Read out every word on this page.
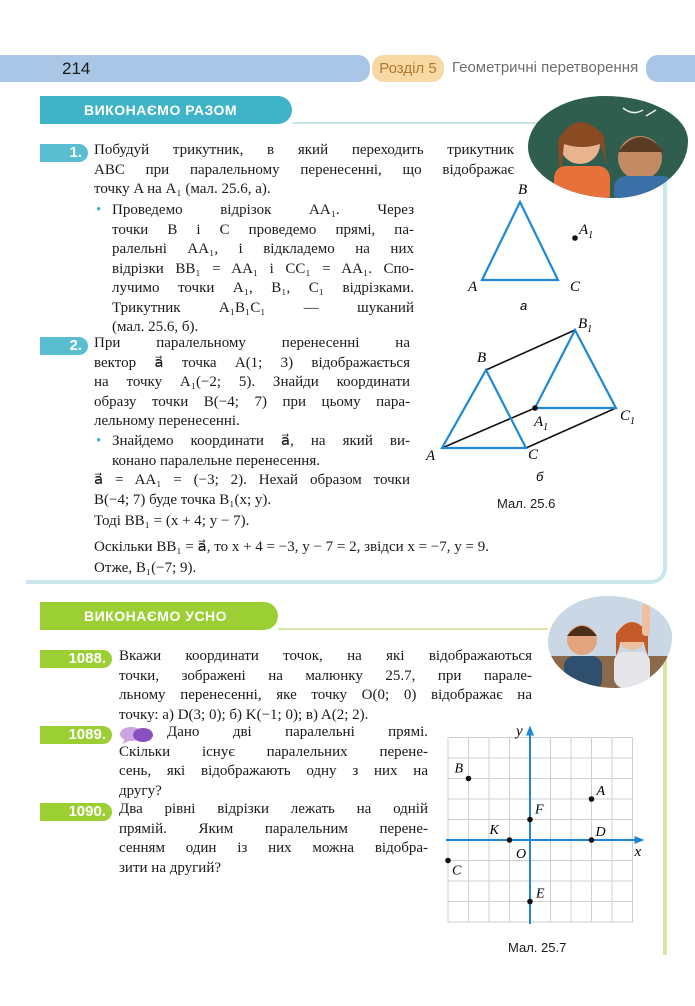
214	Розділ 5	Геометричні перетворення
ВИКОНАЄМО РАЗОМ
1. Побудуй трикутник, в який переходить трикутник
ABC при паралельному перенесенні, що відображає
точку A на A₁ (мал. 25.6, а).
• Проведемо відрізок AA₁. Через
точки B і C проведемо прямі, па-
ралельні AA₁, і відкладемо на них
відрізки BB₁ = AA₁ і CC₁ = AA₁. Спо-
лучимо точки A₁, B₁, C₁ відрізками.
Трикутник A₁B₁C₁ — шуканий
(мал. 25.6, б).
2. При паралельному перенесенні на
вектор a⃗ точка A(1; 3) відображається
на точку A₁(−2; 5). Знайди координати
образу точки B(−4; 7) при цьому пара-
лельному перенесенні.
• Знайдемо координати a⃗, на який ви-
конано паралельне перенесення.
a⃗ = AA₁ = (−3; 2). Нехай образом точки
B(−4; 7) буде точка B₁(x; y).
Тоді BB₁ = (x + 4; y − 7).
Оскільки BB₁ = a⃗, то x + 4 = −3, y − 7 = 2, звідси x = −7, y = 9.
Отже, B₁(−7; 9).
B
A	C
$A_1$
а
B
$B_1$
A	C
$A_1$
$C_1$
б
Мал. 25.6
ВИКОНАЄМО УСНО
1088. Вкажи координати точок, на які відображаються
точки, зображені на малюнку 25.7, при парале-
льному перенесенні, яке точку O(0; 0) відображає на
точку: а) D(3; 0); б) K(−1; 0); в) A(2; 2).
1089.	Дано дві паралельні прямі.
Скільки існує паралельних перене-
сень, які відображають одну з них на
другу?
1090. Два рівні відрізки лежать на одній
прямій. Яким паралельним перене-
сенням один із них можна відобра-
зити на другий?
x
y
B
A
F
K
O
D
C
E
Мал. 25.7
